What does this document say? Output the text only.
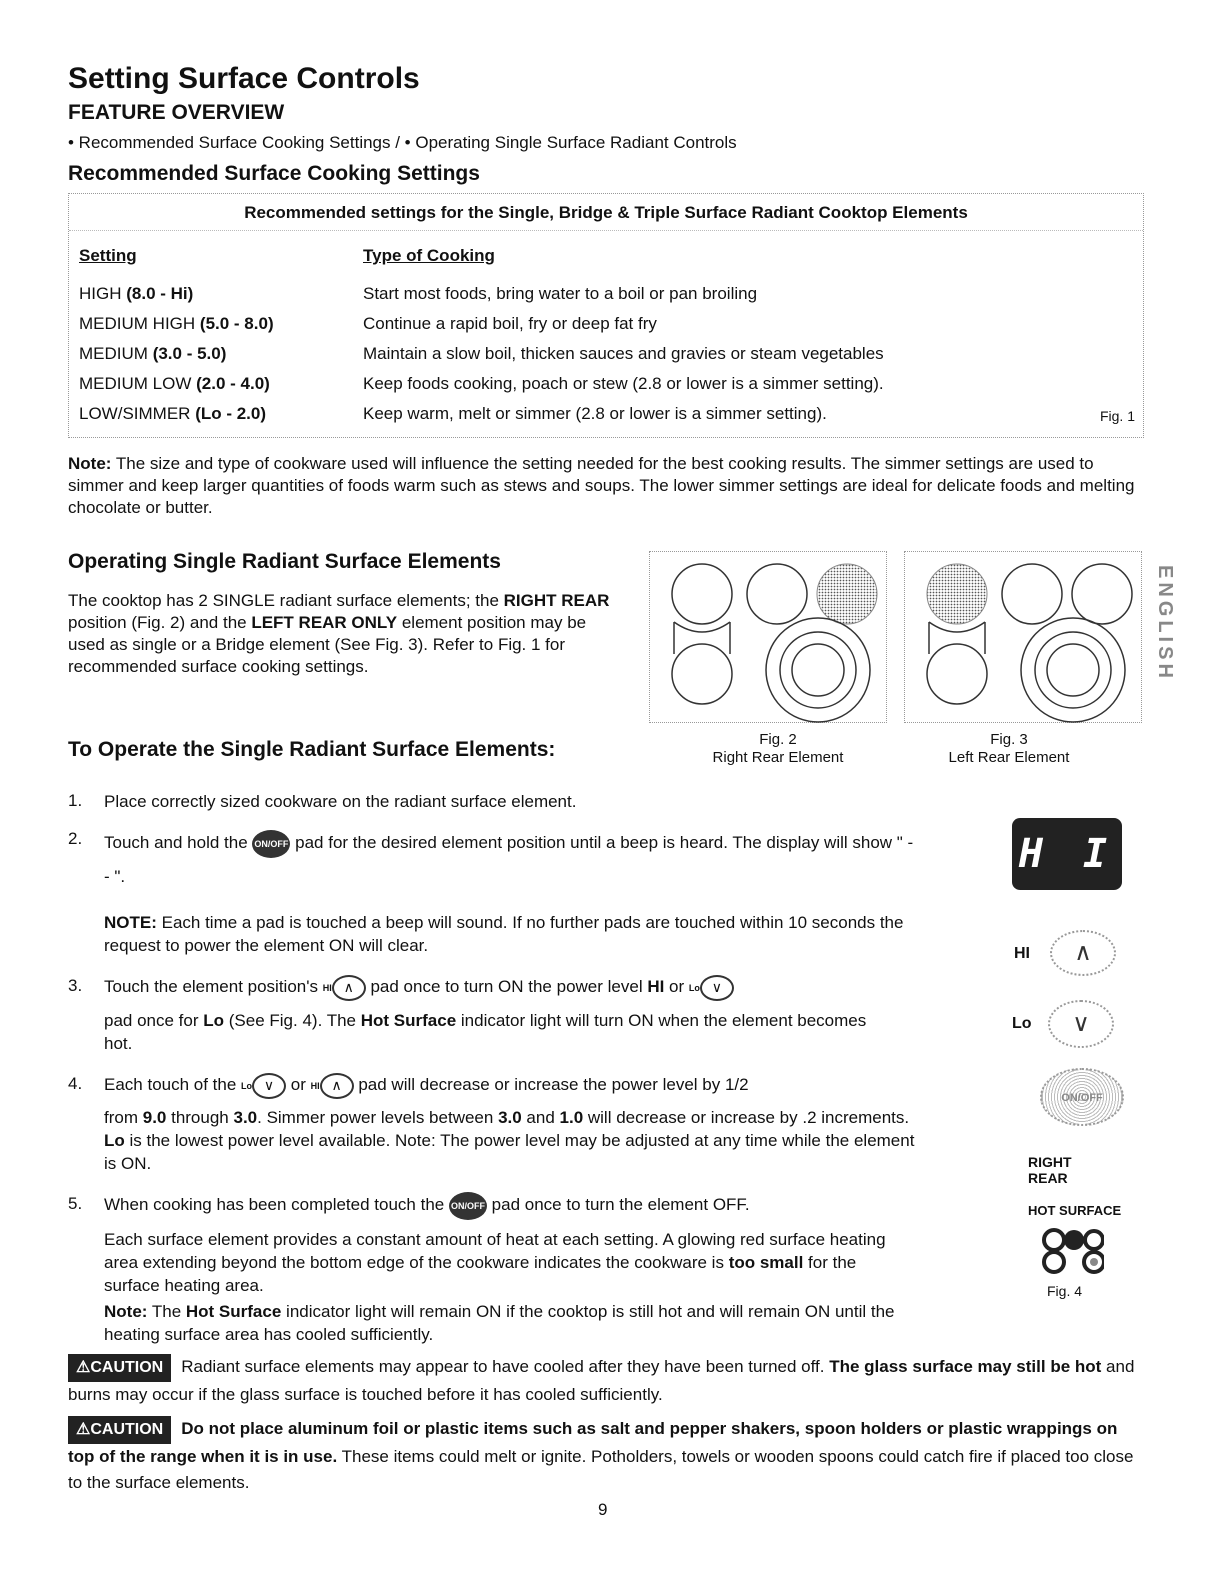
Setting Surface Controls
FEATURE OVERVIEW
• Recommended Surface Cooking Settings / • Operating Single Surface Radiant Controls
Recommended Surface Cooking Settings
Recommended settings for the Single, Bridge & Triple Surface Radiant Cooktop Elements
Setting	Type of Cooking
HIGH (8.0 - Hi)	Start most foods, bring water to a boil or pan broiling
MEDIUM HIGH (5.0 - 8.0)	Continue a rapid boil, fry or deep fat fry
MEDIUM (3.0 - 5.0)	Maintain a slow boil, thicken sauces and gravies or steam vegetables
MEDIUM LOW (2.0 - 4.0)	Keep foods cooking, poach or stew (2.8 or lower is a simmer setting).
LOW/SIMMER (Lo - 2.0)	Keep warm, melt or simmer (2.8 or lower is a simmer setting).	Fig. 1
Note: The size and type of cookware used will influence the setting needed for the best cooking results. The simmer settings are used to simmer and keep larger quantities of foods warm such as stews and soups. The lower simmer settings are ideal for delicate foods and melting chocolate or butter.
Operating Single Radiant Surface Elements
The cooktop has 2 SINGLE radiant surface elements; the RIGHT REAR position (Fig. 2) and the LEFT REAR ONLY element position may be used as single or a Bridge element (See Fig. 3). Refer to Fig. 1 for recommended surface cooking settings.
Fig. 2
Right Rear Element
Fig. 3
Left Rear Element
ENGLISH
To Operate the Single Radiant Surface Elements:
1. Place correctly sized cookware on the radiant surface element.
2. Touch and hold the ON/OFF pad for the desired element position until a beep is heard. The display will show " -- ".
NOTE: Each time a pad is touched a beep will sound. If no further pads are touched within 10 seconds the request to power the element ON will clear.
3. Touch the element position's HI ∧ pad once to turn ON the power level HI or Lo ∨
pad once for Lo (See Fig. 4). The Hot Surface indicator light will turn ON when the element becomes hot.
4. Each touch of the Lo ∨ or HI ∧ pad will decrease or increase the power level by 1/2
from 9.0 through 3.0. Simmer power levels between 3.0 and 1.0 will decrease or increase by .2 increments. Lo is the lowest power level available. Note: The power level may be adjusted at any time while the element is ON.
5. When cooking has been completed touch the ON/OFF pad once to turn the element OFF.
Each surface element provides a constant amount of heat at each setting. A glowing red surface heating area extending beyond the bottom edge of the cookware indicates the cookware is too small for the surface heating area.
Note: The Hot Surface indicator light will remain ON if the cooktop is still hot and will remain ON until the heating surface area has cooled sufficiently.
H I
HI	∧
Lo	∨
ON/OFF
RIGHT
REAR
HOT SURFACE
Fig. 4
⚠CAUTION Radiant surface elements may appear to have cooled after they have been turned off. The glass surface may still be hot and burns may occur if the glass surface is touched before it has cooled sufficiently.
⚠CAUTION Do not place aluminum foil or plastic items such as salt and pepper shakers, spoon holders or plastic wrappings on top of the range when it is in use. These items could melt or ignite. Potholders, towels or wooden spoons could catch fire if placed too close to the surface elements.
9
